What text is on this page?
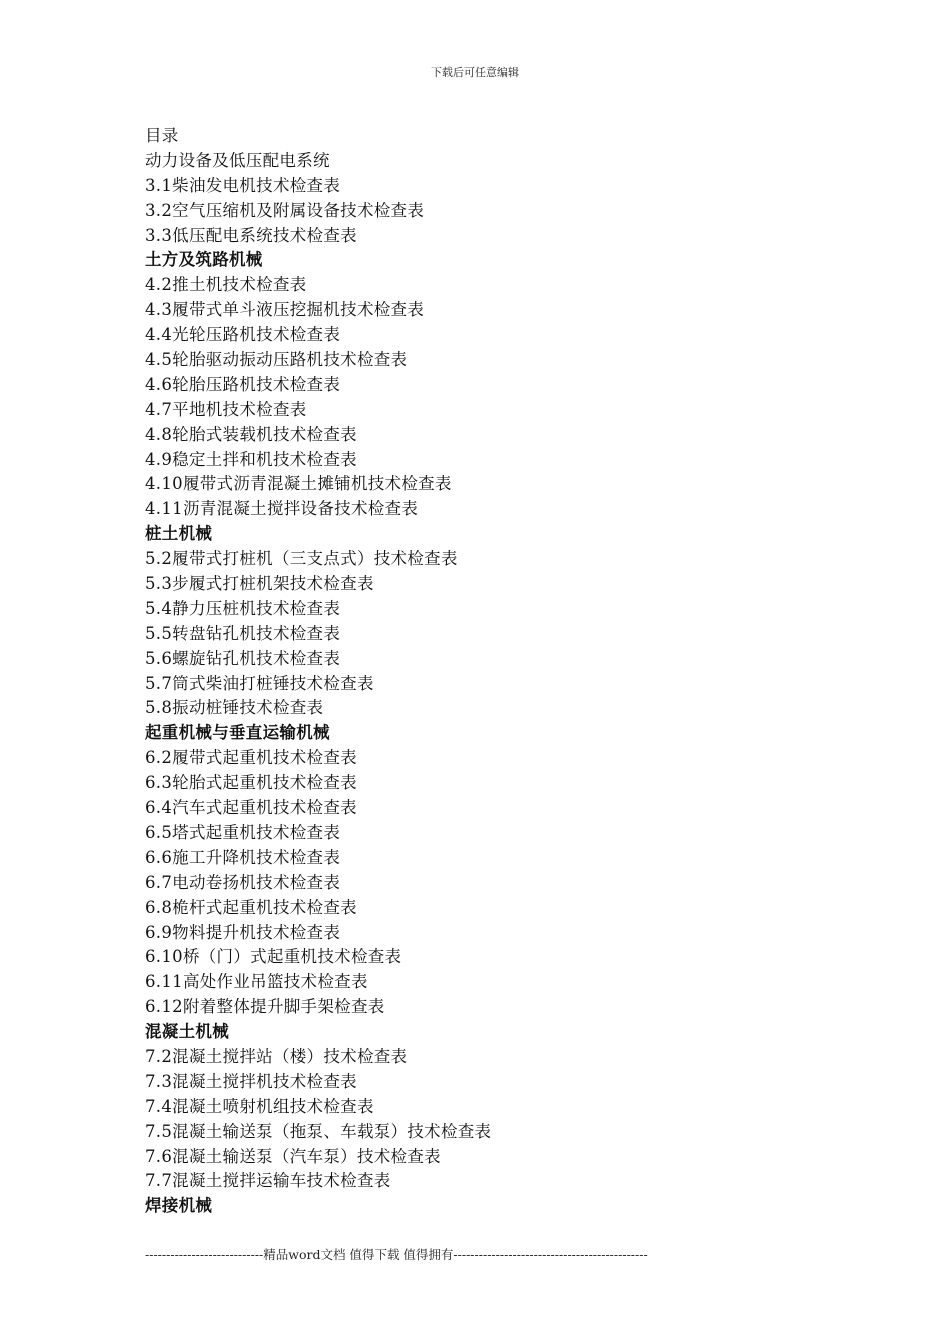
下载后可任意编辑
目录
动力设备及低压配电系统
3.1柴油发电机技术检查表
3.2空气压缩机及附属设备技术检查表
3.3低压配电系统技术检查表
土方及筑路机械
4.2推土机技术检查表
4.3履带式单斗液压挖掘机技术检查表
4.4光轮压路机技术检查表
4.5轮胎驱动振动压路机技术检查表
4.6轮胎压路机技术检查表
4.7平地机技术检查表
4.8轮胎式装载机技术检查表
4.9稳定土拌和机技术检查表
4.10履带式沥青混凝土摊铺机技术检查表
4.11沥青混凝土搅拌设备技术检查表
桩土机械
5.2履带式打桩机（三支点式）技术检查表
5.3步履式打桩机架技术检查表
5.4静力压桩机技术检查表
5.5转盘钻孔机技术检查表
5.6螺旋钻孔机技术检查表
5.7筒式柴油打桩锤技术检查表
5.8振动桩锤技术检查表
起重机械与垂直运输机械
6.2履带式起重机技术检查表
6.3轮胎式起重机技术检查表
6.4汽车式起重机技术检查表
6.5塔式起重机技术检查表
6.6施工升降机技术检查表
6.7电动卷扬机技术检查表
6.8桅杆式起重机技术检查表
6.9物料提升机技术检查表
6.10桥（门）式起重机技术检查表
6.11高处作业吊篮技术检查表
6.12附着整体提升脚手架检查表
混凝土机械
7.2混凝土搅拌站（楼）技术检查表
7.3混凝土搅拌机技术检查表
7.4混凝土喷射机组技术检查表
7.5混凝土输送泵（拖泵、车载泵）技术检查表
7.6混凝土输送泵（汽车泵）技术检查表
7.7混凝土搅拌运输车技术检查表
焊接机械
----------------------------精品word文档 值得下载 值得拥有----------------------------------------------
